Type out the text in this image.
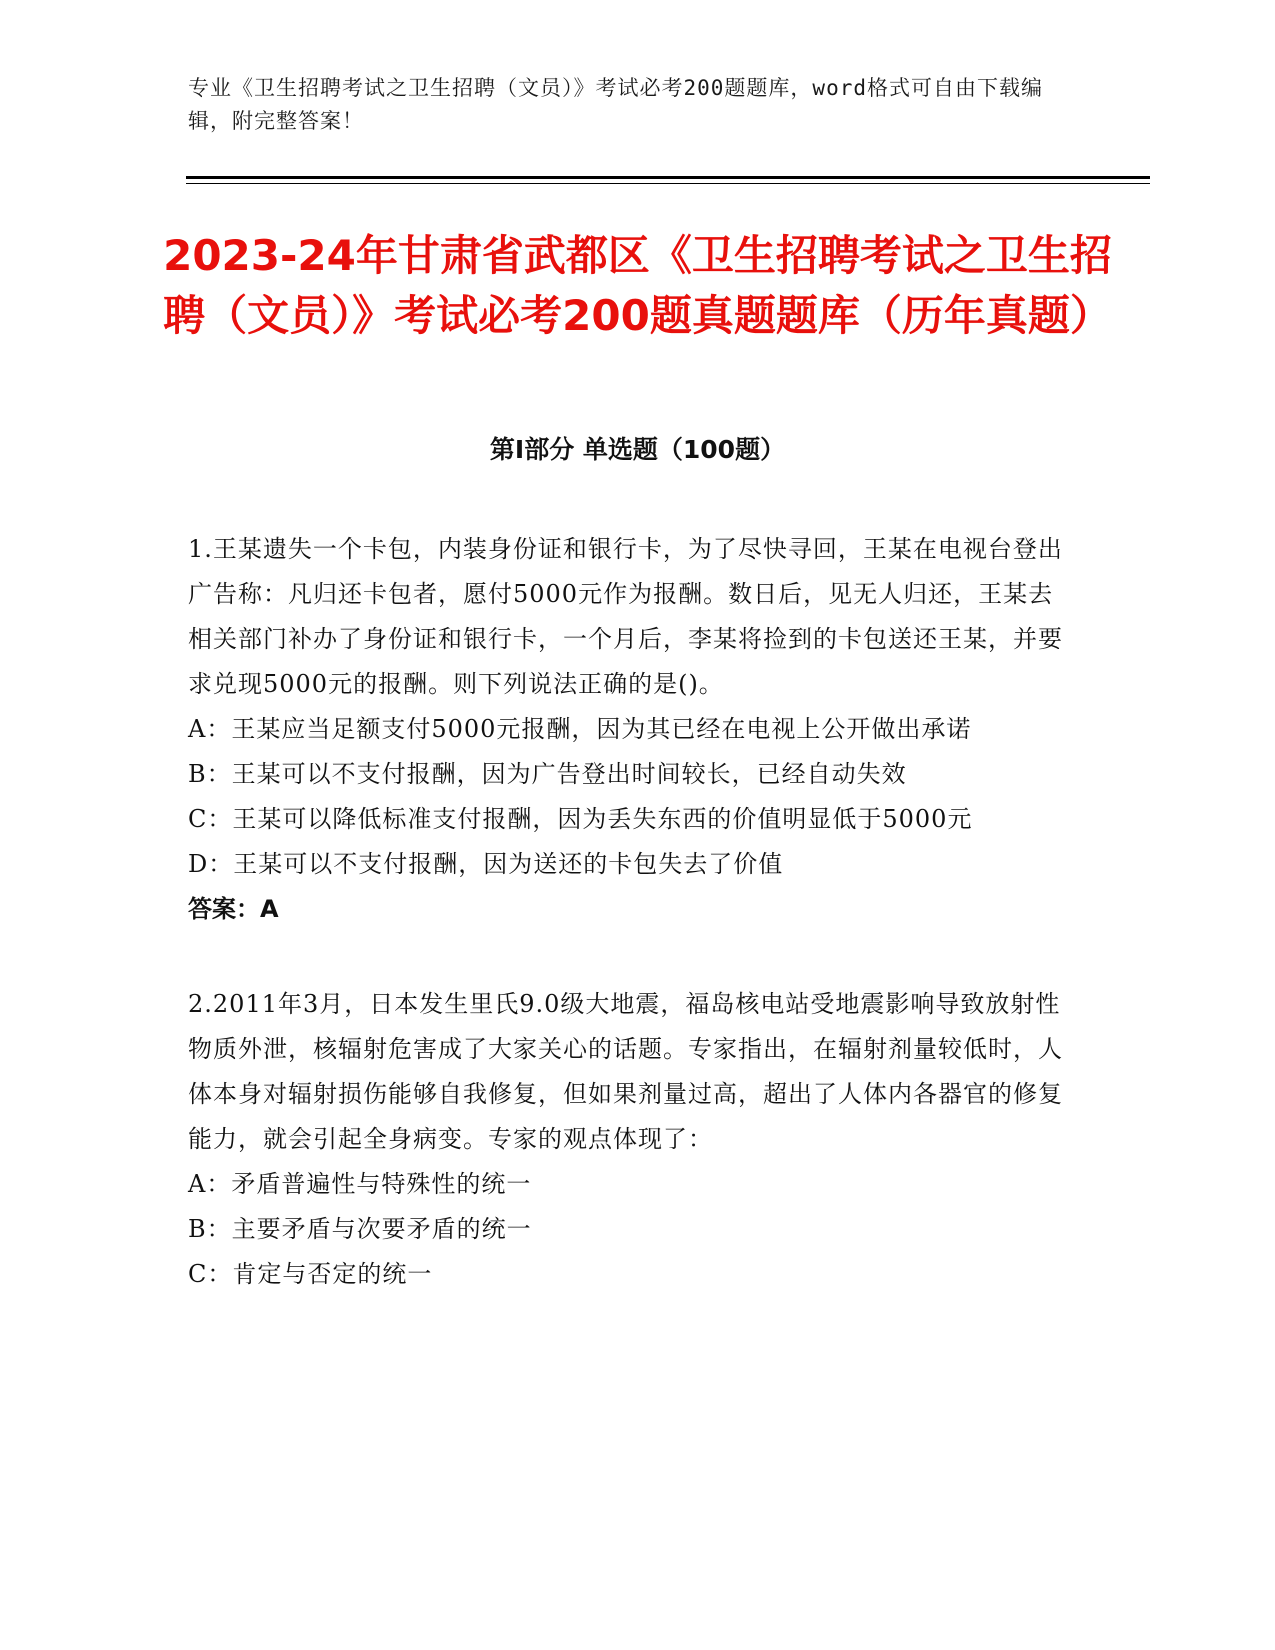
专业《卫生招聘考试之卫生招聘（文员）》考试必考200题题库，word格式可自由下载编辑，附完整答案！
2023-24年甘肃省武都区《卫生招聘考试之卫生招聘（文员）》考试必考200题真题题库（历年真题）
第Ⅰ部分 单选题（100题）

1.王某遗失一个卡包，内装身份证和银行卡，为了尽快寻回，王某在电视台登出广告称：凡归还卡包者，愿付5000元作为报酬。数日后，见无人归还，王某去相关部门补办了身份证和银行卡，一个月后，李某将捡到的卡包送还王某，并要求兑现5000元的报酬。则下列说法正确的是()。

A：王某应当足额支付5000元报酬，因为其已经在电视上公开做出承诺

B：王某可以不支付报酬，因为广告登出时间较长，已经自动失效

C：王某可以降低标准支付报酬，因为丢失东西的价值明显低于5000元

D：王某可以不支付报酬，因为送还的卡包失去了价值

答案：A

2.2011年3月，日本发生里氏9.0级大地震，福岛核电站受地震影响导致放射性物质外泄，核辐射危害成了大家关心的话题。专家指出，在辐射剂量较低时，人体本身对辐射损伤能够自我修复，但如果剂量过高，超出了人体内各器官的修复能力，就会引起全身病变。专家的观点体现了：

A：矛盾普遍性与特殊性的统一

B：主要矛盾与次要矛盾的统一

C：肯定与否定的统一
